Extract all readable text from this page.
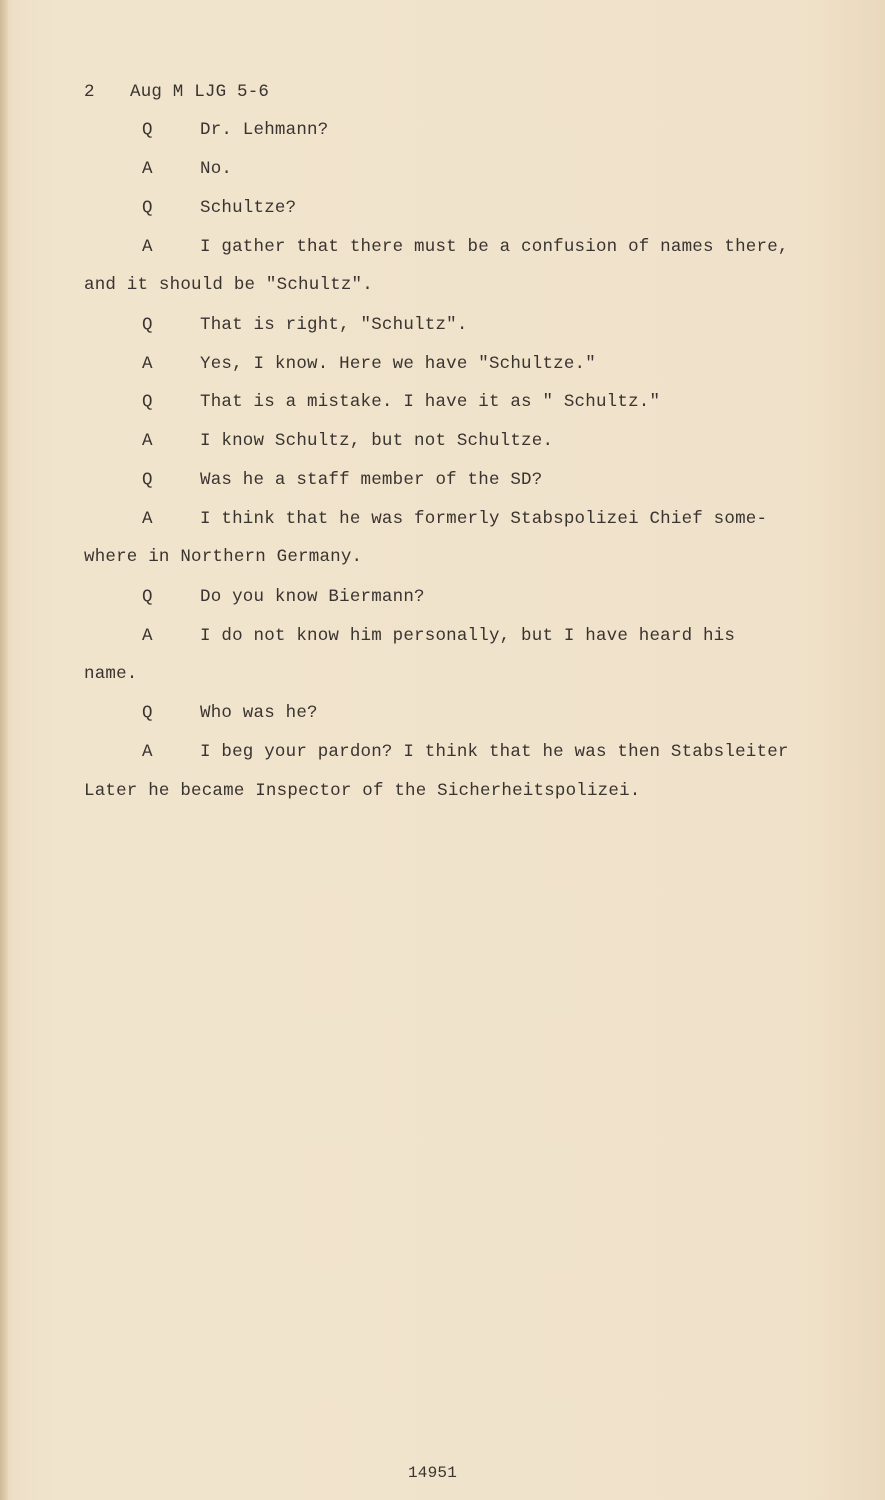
2 Aug M LJG 5-6
Q	Dr. Lehmann?
A	No.
Q	Schultze?
A	I gather that there must be a confusion of names there,
and it should be "Schultz".
Q	That is right, "Schultz".
A	Yes, I know. Here we have "Schultze."
Q	That is a mistake. I have it as " Schultz."
A	I know Schultz, but not Schultze.
Q	Was he a staff member of the SD?
A	I think that he was formerly Stabspolizei Chief some-
where in Northern Germany.
Q	Do you know Biermann?
A	I do not know him personally, but I have heard his
name.
Q	Who was he?
A	I beg your pardon? I think that he was then Stabsleiter
Later he became Inspector of the Sicherheitspolizei.
14951
